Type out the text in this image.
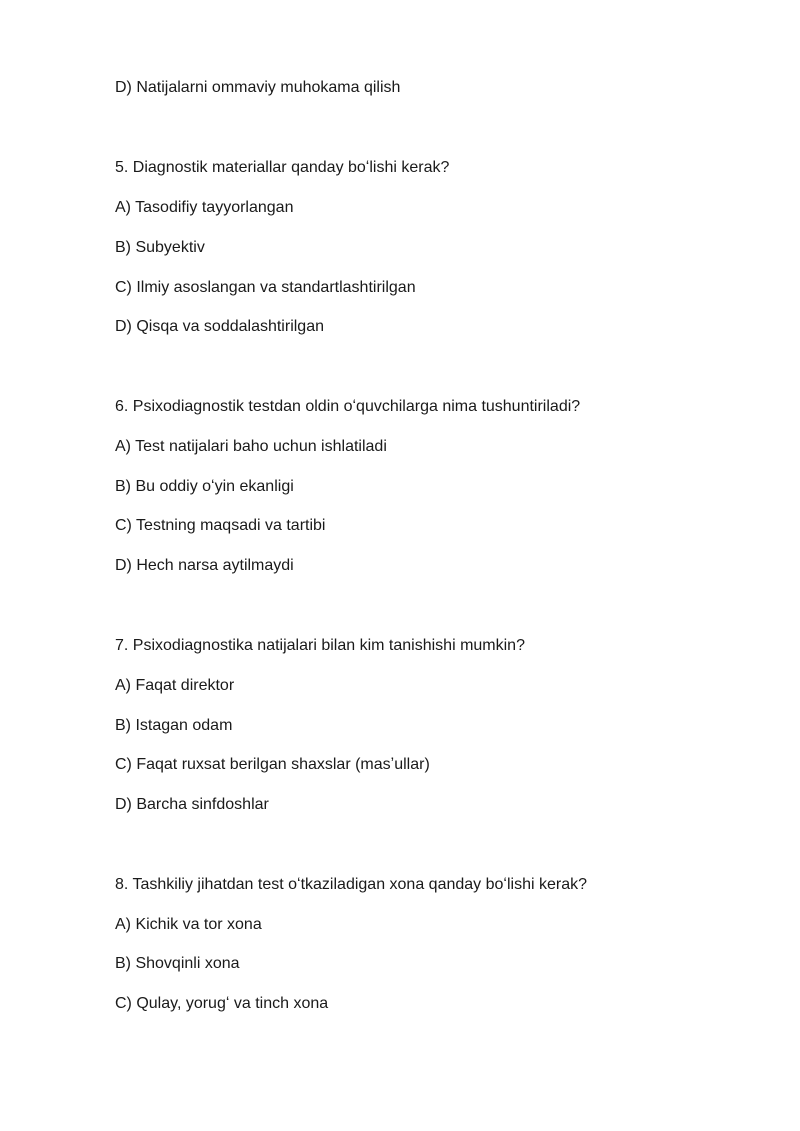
D) Natijalarni ommaviy muhokama qilish
5. Diagnostik materiallar qanday boʻlishi kerak?
A) Tasodifiy tayyorlangan
B) Subyektiv
C) Ilmiy asoslangan va standartlashtirilgan
D) Qisqa va soddalashtirilgan
6. Psixodiagnostik testdan oldin oʻquvchilarga nima tushuntiriladi?
A) Test natijalari baho uchun ishlatiladi
B) Bu oddiy oʻyin ekanligi
C) Testning maqsadi va tartibi
D) Hech narsa aytilmaydi
7. Psixodiagnostika natijalari bilan kim tanishishi mumkin?
A) Faqat direktor
B) Istagan odam
C) Faqat ruxsat berilgan shaxslar (masʼullar)
D) Barcha sinfdoshlar
8. Tashkiliy jihatdan test oʻtkaziladigan xona qanday boʻlishi kerak?
A) Kichik va tor xona
B) Shovqinli xona
C) Qulay, yorugʻ va tinch xona
